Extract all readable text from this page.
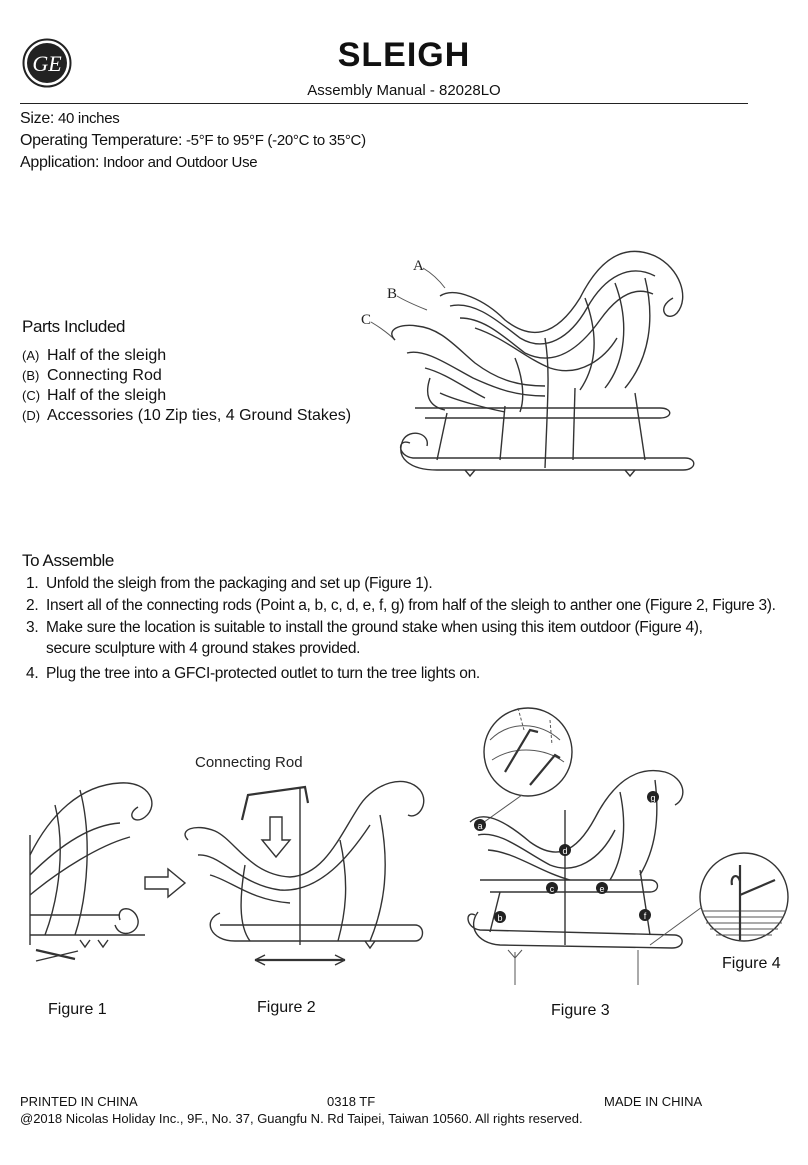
GE	SLEIGH
Assembly Manual - 82028LO
Size: 40 inches
Operating Temperature: -5°F to 95°F (-20°C to 35°C)
Application: Indoor and Outdoor Use
Parts Included
(A) Half of the sleigh
(B) Connecting Rod
(C) Half of the sleigh
(D) Accessories (10 Zip ties, 4 Ground Stakes)
A
B
C
To Assemble
1. Unfold the sleigh from the packaging and set up (Figure 1).
2. Insert all of the connecting rods (Point a, b, c, d, e, f, g) from half of the sleigh to anther one (Figure 2, Figure 3).
3. Make sure the location is suitable to install the ground stake when using this item outdoor (Figure 4),
secure sculpture with 4 ground stakes provided.
4. Plug the tree into a GFCI-protected outlet to turn the tree lights on.
Connecting Rod
Figure 1	Figure 2
a
b
c
d
e
f
g
Figure 3
Figure 4
PRINTED IN CHINA	0318 TF	MADE IN CHINA
@2018 Nicolas Holiday Inc., 9F., No. 37, Guangfu N. Rd Taipei, Taiwan 10560. All rights reserved.
